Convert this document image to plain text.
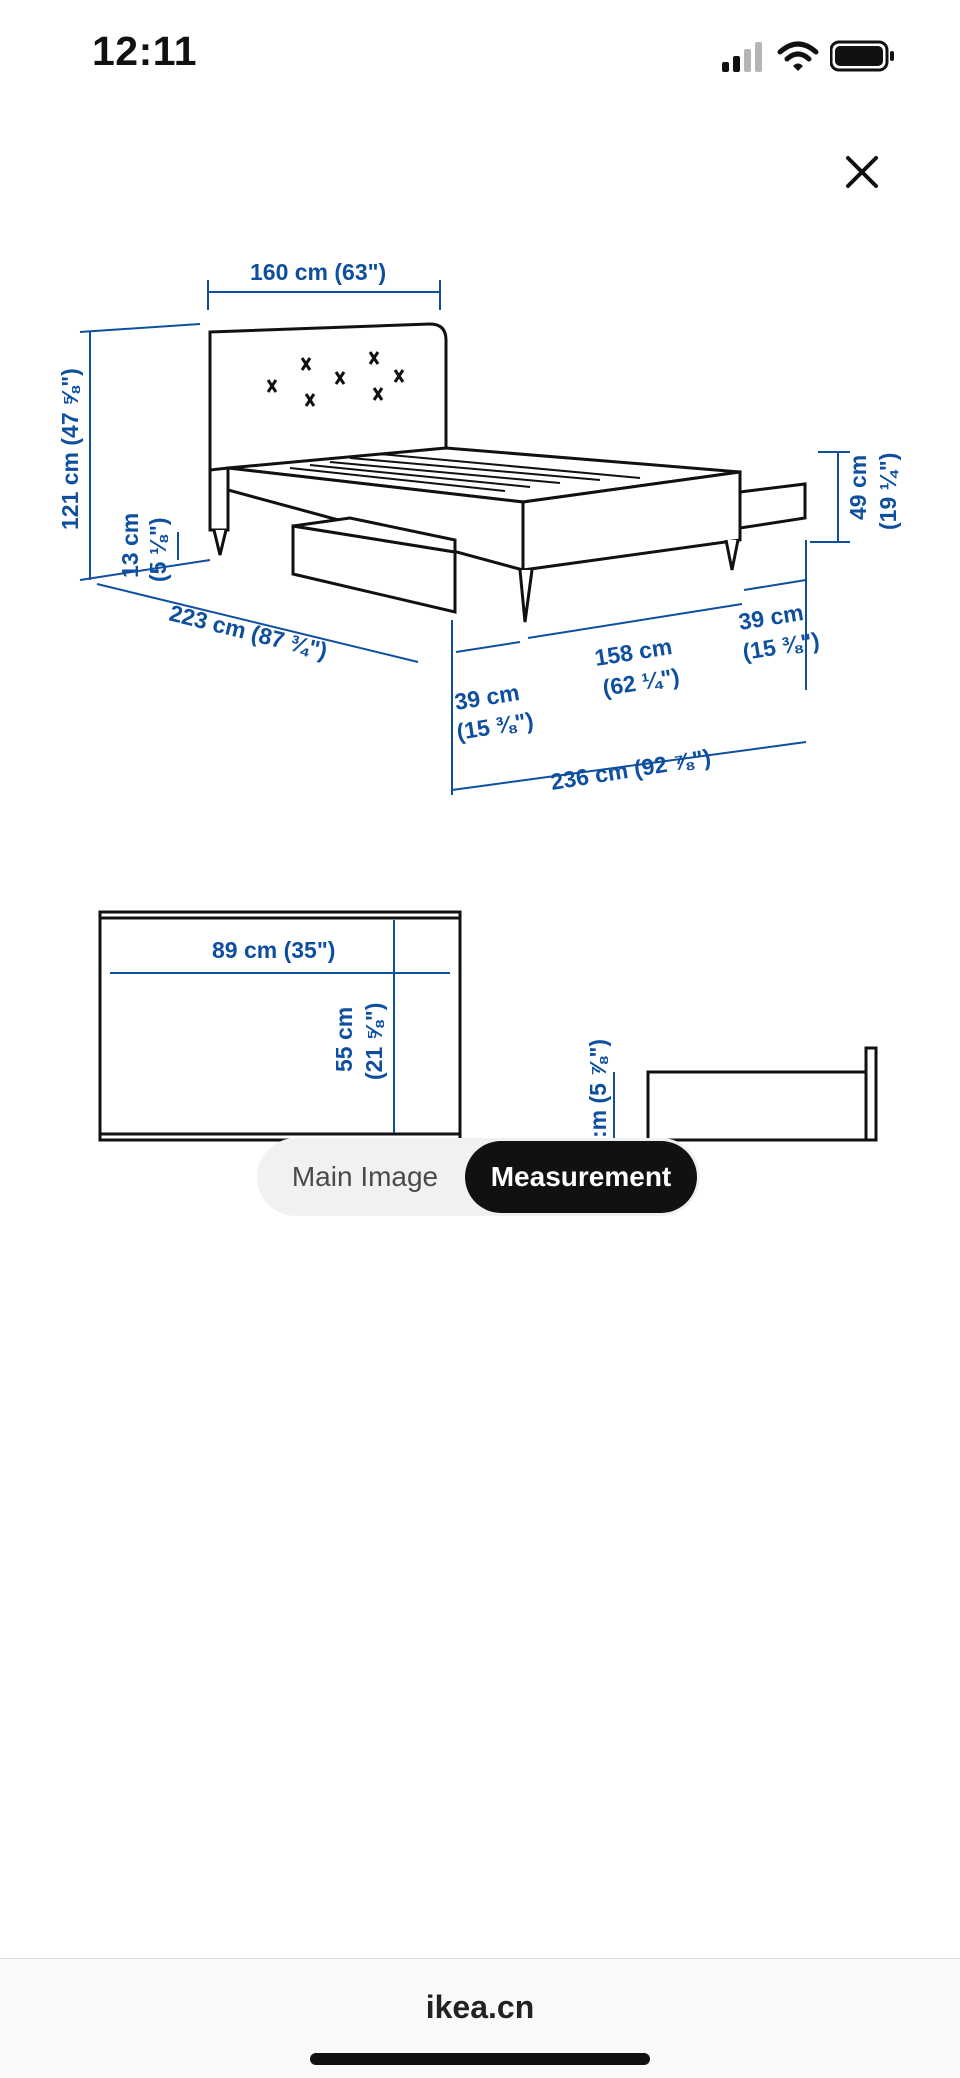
12:11
160 cm (63")
121 cm (47 ⅝")
13 cm (5 ⅛")
223 cm (87 ¾")
49 cm (19 ¼")
39 cm
(15 ⅜")
158 cm
(62 ¼")
39 cm
(15 ⅜")
236 cm (92 ⅞")
89 cm (35")
55 cm (21 ⅝")	:m (5 ⅞")
Main Image	Measurement
ikea.cn
